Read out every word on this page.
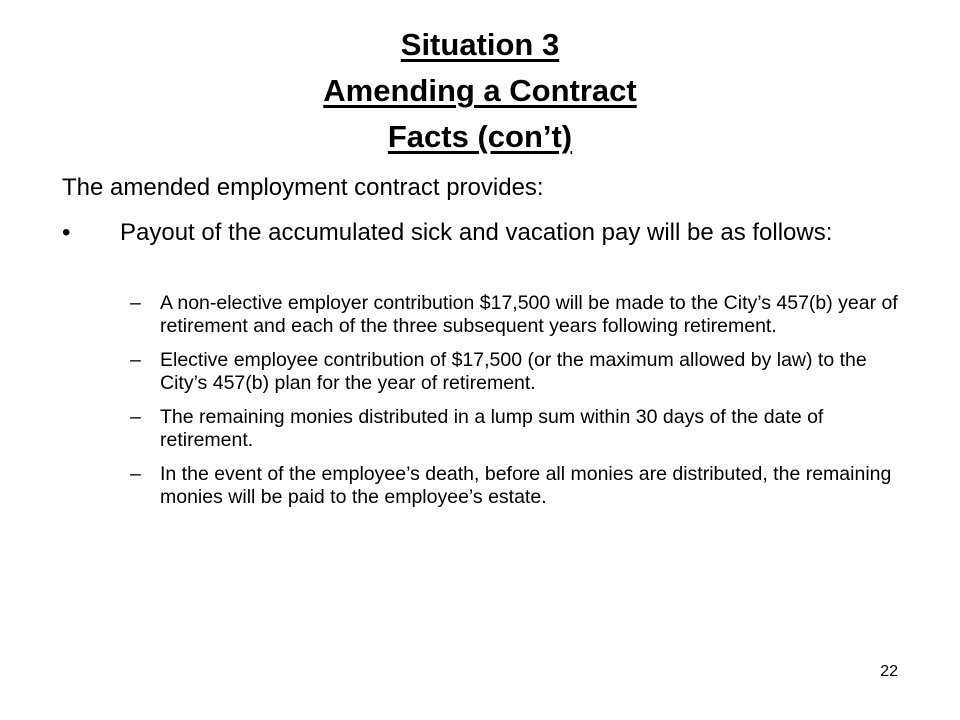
Situation 3
Amending a Contract
Facts (con’t)
The amended employment contract provides:
• Payout of the accumulated sick and vacation pay will be as follows:
– A non-elective employer contribution $17,500 will be made to the City’s 457(b) year of retirement and each of the three subsequent years following retirement.
– Elective employee contribution of $17,500 (or the maximum allowed by law) to the City’s 457(b) plan for the year of retirement.
– The remaining monies distributed in a lump sum within 30 days of the date of retirement.
– In the event of the employee’s death, before all monies are distributed, the remaining monies will be paid to the employee’s estate.
22
